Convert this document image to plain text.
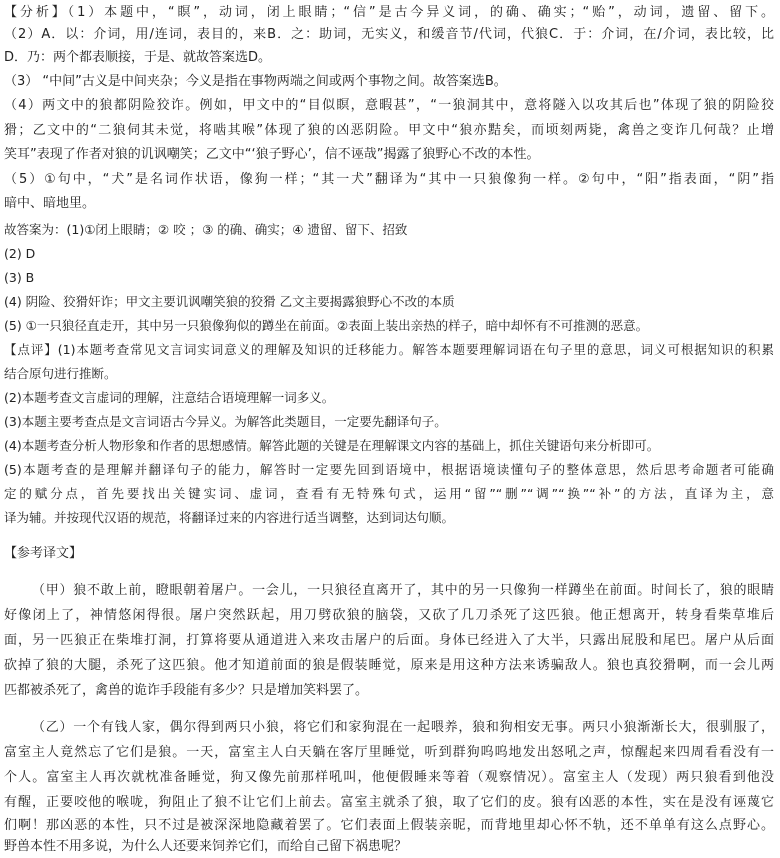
【分析】（1）本题中，“瞑”，动词，闭上眼睛；“信”是古今异义词，的确、确实；“贻”，动词，遗留、留下。
（2）A．以：介词，用/连词，表目的，来B．之：助词，无实义，和缓音节/代词，代狼C．于：介词，在/介词，表比较，比
D．乃：两个都表顺接，于是、就故答案选D。
（3） “中间”古义是中间夹杂；今义是指在事物两端之间或两个事物之间。故答案选B。
（4）两文中的狼都阴险狡诈。例如，甲文中的“目似瞑，意暇甚”，“一狼洞其中，意将隧入以攻其后也”体现了狼的阴险狡
猾；乙文中的“二狼伺其未觉，将啮其喉”体现了狼的凶恶阴险。甲文中“狼亦黠矣，而顷刻两毙，禽兽之变诈几何哉？止增
笑耳”表现了作者对狼的讥讽嘲笑；乙文中“‘狼子野心’，信不诬哉”揭露了狼野心不改的本性。
（5）①句中，“犬”是名词作状语，像狗一样；“其一犬”翻译为“其中一只狼像狗一样。②句中，“阳”指表面，“阴”指
暗中、暗地里。
故答案为：(1)①闭上眼睛；② 咬 ；③ 的确、确实；④ 遗留、留下、招致
(2) D
(3) B
(4) 阴险、狡猾奸诈；甲文主要讥讽嘲笑狼的狡猾 乙文主要揭露狼野心不改的本质
(5) ①一只狼径直走开，其中另一只狼像狗似的蹲坐在前面。②表面上装出亲热的样子，暗中却怀有不可推测的恶意。
【点评】(1)本题考查常见文言词实词意义的理解及知识的迁移能力。解答本题要理解词语在句子里的意思，词义可根据知识的积累
结合原句进行推断。
(2)本题考查文言虚词的理解，注意结合语境理解一词多义。
(3)本题主要考查点是文言词语古今异义。为解答此类题目，一定要先翻译句子。
(4)本题考查分析人物形象和作者的思想感情。解答此题的关键是在理解课文内容的基础上，抓住关键语句来分析即可。
(5)本题考查的是理解并翻译句子的能力，解答时一定要先回到语境中，根据语境读懂句子的整体意思，然后思考命题者可能确
定的赋分点，首先要找出关键实词、虚词，查看有无特殊句式，运用“留”“删”“调”“换”“补”的方法，直译为主，意
译为辅。并按现代汉语的规范，将翻译过来的内容进行适当调整，达到词达句顺。
【参考译文】
（甲）狼不敢上前，瞪眼朝着屠户。一会儿，一只狼径直离开了，其中的另一只像狗一样蹲坐在前面。时间长了，狼的眼睛
好像闭上了，神情悠闲得很。屠户突然跃起，用刀劈砍狼的脑袋，又砍了几刀杀死了这匹狼。他正想离开，转身看柴草堆后
面，另一匹狼正在柴堆打洞，打算将要从通道进入来攻击屠户的后面。身体已经进入了大半，只露出屁股和尾巴。屠户从后面
砍掉了狼的大腿，杀死了这匹狼。他才知道前面的狼是假装睡觉，原来是用这种方法来诱骗敌人。狼也真狡猾啊，而一会儿两
匹都被杀死了，禽兽的诡诈手段能有多少？只是增加笑料罢了。
（乙）一个有钱人家，偶尔得到两只小狼，将它们和家狗混在一起喂养，狼和狗相安无事。两只小狼渐渐长大，很驯服了，
富室主人竟然忘了它们是狼。一天，富室主人白天躺在客厅里睡觉，听到群狗呜呜地发出怒吼之声，惊醒起来四周看看没有一
个人。富室主人再次就枕准备睡觉，狗又像先前那样吼叫，他便假睡来等着（观察情况）。富室主人（发现）两只狼看到他没
有醒，正要咬他的喉咙，狗阻止了狼不让它们上前去。富室主就杀了狼，取了它们的皮。狼有凶恶的本性，实在是没有诬蔑它
们啊！那凶恶的本性，只不过是被深深地隐藏着罢了。它们表面上假装亲昵，而背地里却心怀不轨，还不单单有这么点野心。
野兽本性不用多说，为什么人还要来饲养它们，而给自己留下祸患呢？
